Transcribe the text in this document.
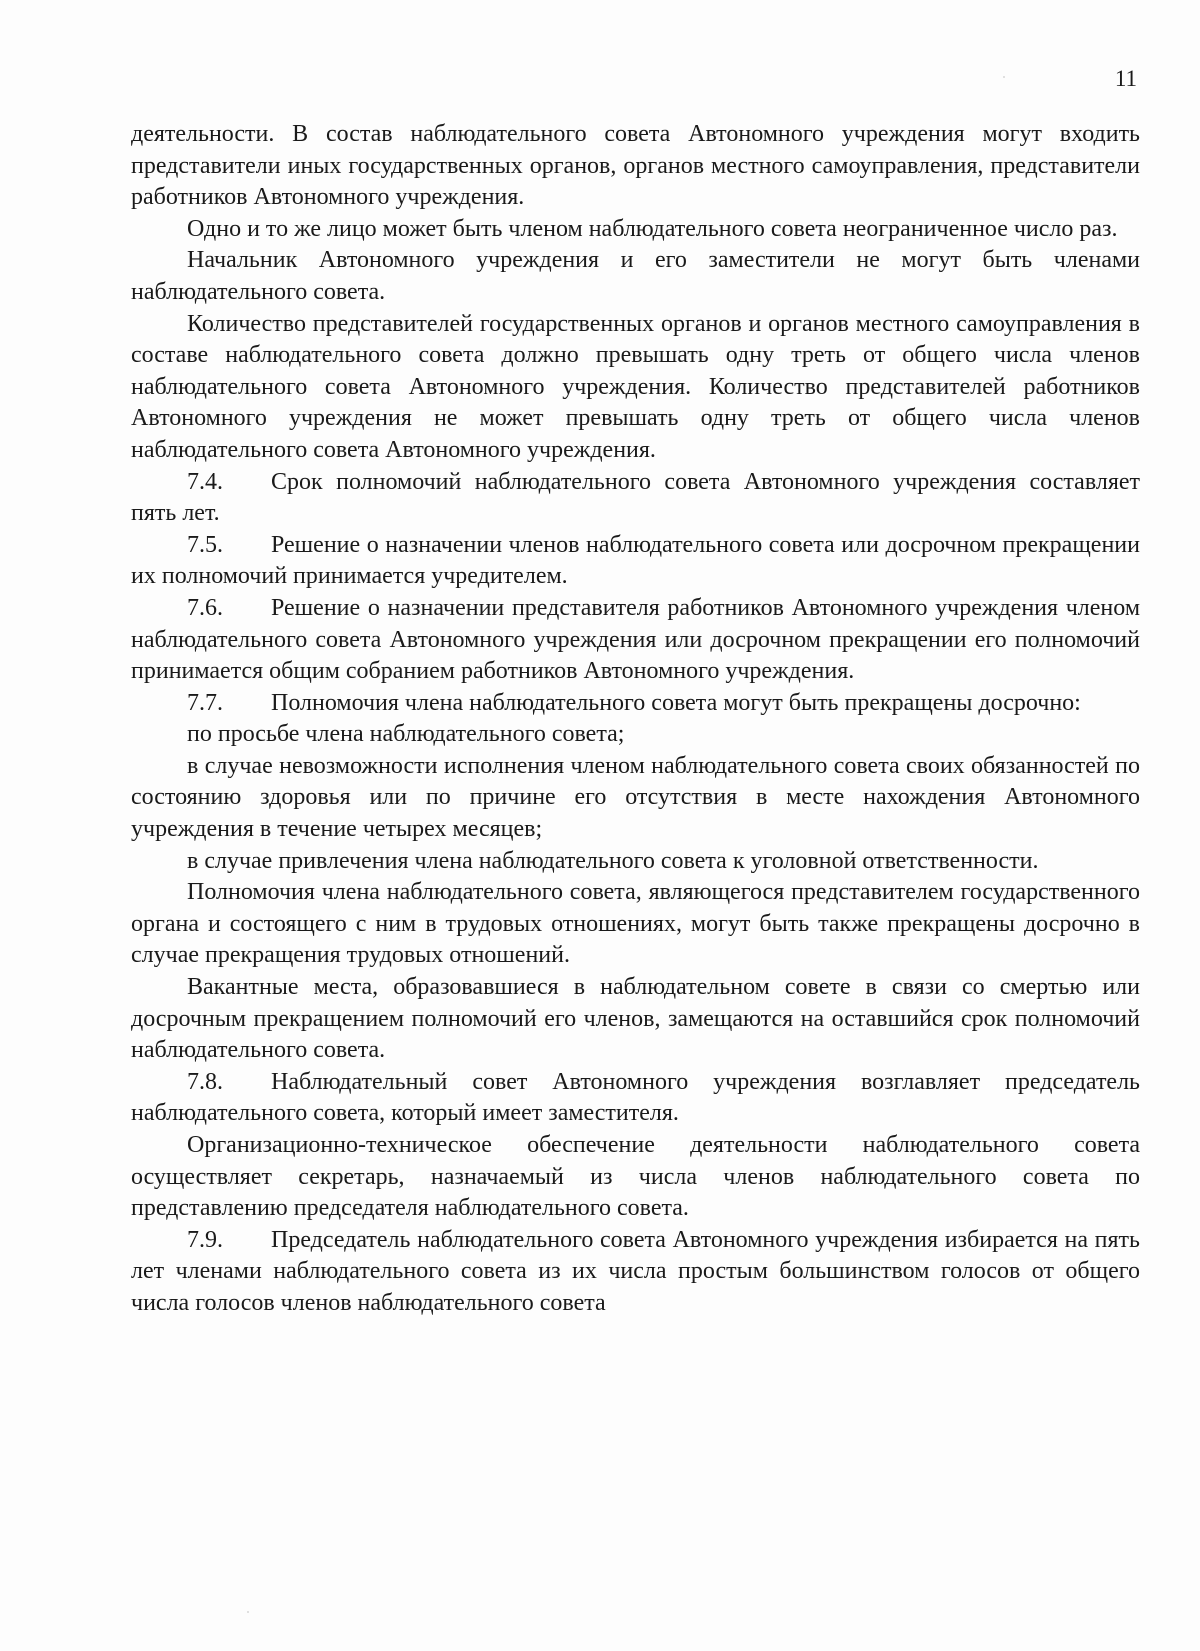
11

деятельности. В состав наблюдательного совета Автономного учреждения могут входить представители иных государственных органов, органов местного самоуправления, представители работников Автономного учреждения.

Одно и то же лицо может быть членом наблюдательного совета неограниченное число раз.

Начальник Автономного учреждения и его заместители не могут быть членами наблюдательного совета.

Количество представителей государственных органов и органов местного самоуправления в составе наблюдательного совета должно превышать одну треть от общего числа членов наблюдательного совета Автономного учреждения. Количество представителей работников Автономного учреждения не может превышать одну треть от общего числа членов наблюдательного совета Автономного учреждения.

7.4. Срок полномочий наблюдательного совета Автономного учреждения составляет пять лет.

7.5. Решение о назначении членов наблюдательного совета или досрочном прекращении их полномочий принимается учредителем.

7.6. Решение о назначении представителя работников Автономного учреждения членом наблюдательного совета Автономного учреждения или досрочном прекращении его полномочий принимается общим собранием работников Автономного учреждения.

7.7. Полномочия члена наблюдательного совета могут быть прекращены досрочно:

по просьбе члена наблюдательного совета;

в случае невозможности исполнения членом наблюдательного совета своих обязанностей по состоянию здоровья или по причине его отсутствия в месте нахождения Автономного учреждения в течение четырех месяцев;

в случае привлечения члена наблюдательного совета к уголовной ответственности.

Полномочия члена наблюдательного совета, являющегося представителем государственного органа и состоящего с ним в трудовых отношениях, могут быть также прекращены досрочно в случае прекращения трудовых отношений.

Вакантные места, образовавшиеся в наблюдательном совете в связи со смертью или досрочным прекращением полномочий его членов, замещаются на оставшийся срок полномочий наблюдательного совета.

7.8. Наблюдательный совет Автономного учреждения возглавляет председатель наблюдательного совета, который имеет заместителя.

Организационно-техническое обеспечение деятельности наблюдательного совета осуществляет секретарь, назначаемый из числа членов наблюдательного совета по представлению председателя наблюдательного совета.

7.9. Председатель наблюдательного совета Автономного учреждения избирается на пять лет членами наблюдательного совета из их числа простым большинством голосов от общего числа голосов членов наблюдательного совета
